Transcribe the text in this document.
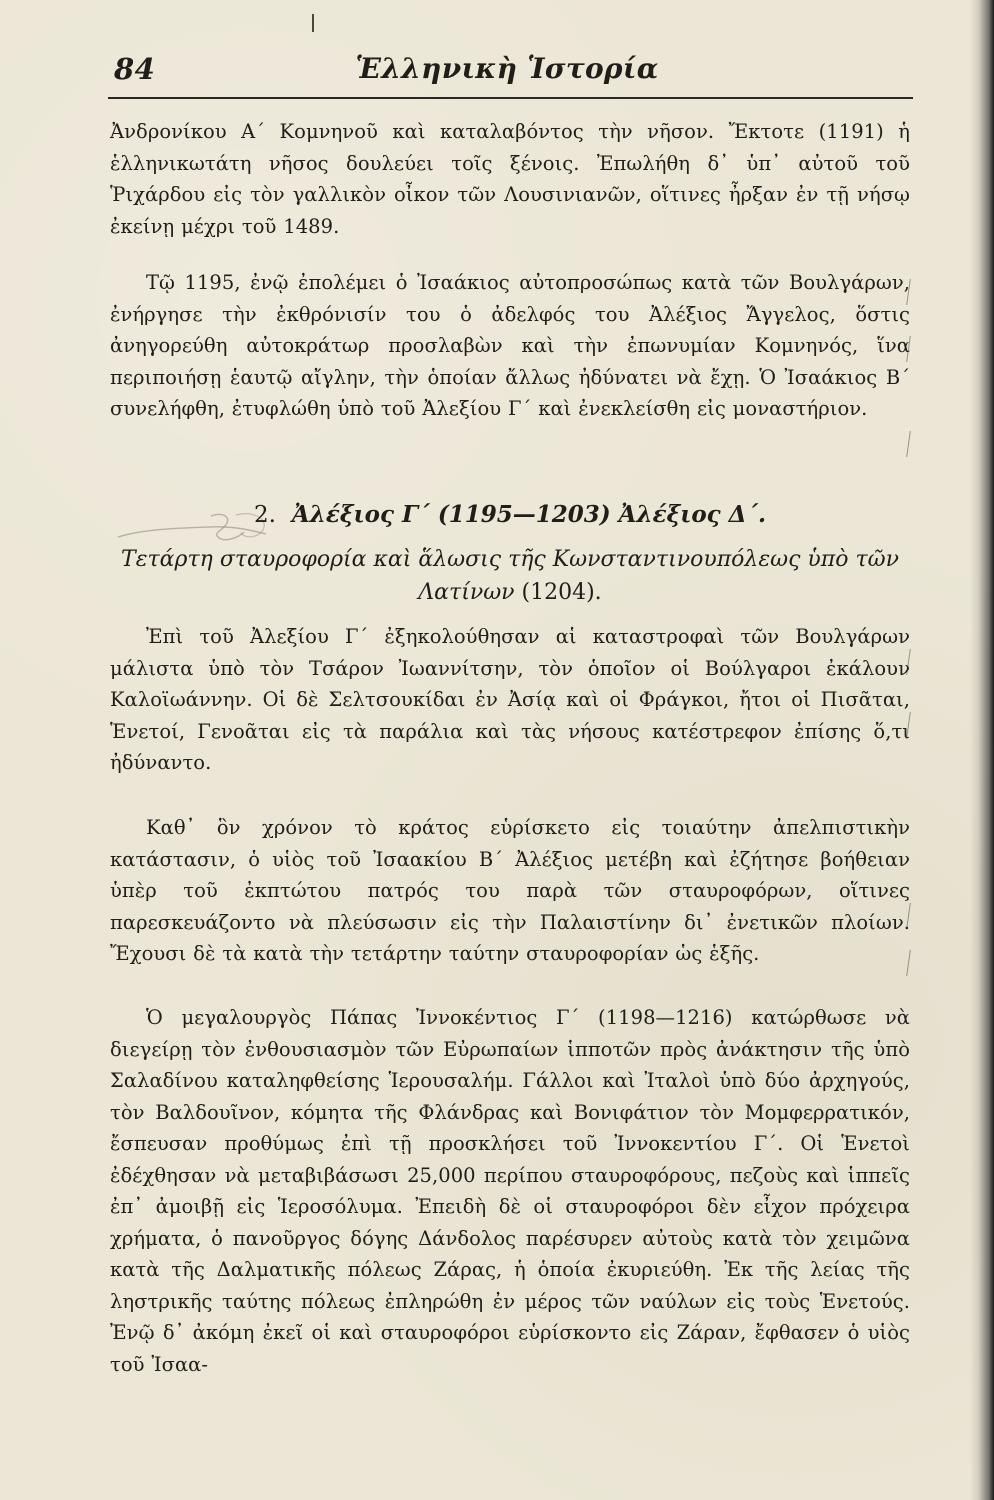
84	Ἑλληνικὴ Ἱστορία

Ἀνδρονίκου Α΄ Κομνηνοῦ καὶ καταλαβόντος τὴν νῆσον. Ἔκτοτε (1191) ἡ ἑλληνικωτάτη νῆσος δουλεύει τοῖς ξένοις. Ἐπωλήθη δ᾽ ὑπ᾽ αὐτοῦ τοῦ Ῥιχάρδου εἰς τὸν γαλλικὸν οἶκον τῶν Λουσινιανῶν, οἵτινες ἦρξαν ἐν τῇ νήσῳ ἐκείνῃ μέχρι τοῦ 1489.

Τῷ 1195, ἐνῷ ἐπολέμει ὁ Ἰσαάκιος αὐτοπροσώπως κατὰ τῶν Βουλγάρων, ἐνήργησε τὴν ἐκθρόνισίν του ὁ ἀδελφός του Ἀλέξιος Ἄγγελος, ὅστις ἀνηγορεύθη αὐτοκράτωρ προσλαβὼν καὶ τὴν ἐπωνυμίαν Κομνηνός, ἵνα περιποιήσῃ ἑαυτῷ αἴγλην, τὴν ὁποίαν ἄλλως ἠδύνατει νὰ ἔχῃ. Ὁ Ἰσαάκιος Β΄ συνελήφθη, ἐτυφλώθη ὑπὸ τοῦ Ἀλεξίου Γ΄ καὶ ἐνεκλείσθη εἰς μοναστήριον.

2. Ἀλέξιος Γ΄ (1195—1203) Ἀλέξιος Δ΄.
Τετάρτη σταυροφορία καὶ ἅλωσις τῆς Κωνσταντινουπόλεως ὑπὸ τῶν Λατίνων (1204).

Ἐπὶ τοῦ Ἀλεξίου Γ΄ ἐξηκολούθησαν αἱ καταστροφαὶ τῶν Βουλγάρων μάλιστα ὑπὸ τὸν Τσάρον Ἰωαννίτσην, τὸν ὁποῖον οἱ Βούλγαροι ἐκάλουν Καλοϊωάννην. Οἱ δὲ Σελτσουκίδαι ἐν Ἀσίᾳ καὶ οἱ Φράγκοι, ἤτοι οἱ Πισᾶται, Ἑνετοί, Γενοᾶται εἰς τὰ παράλια καὶ τὰς νήσους κατέστρεφον ἐπίσης ὅ,τι ἠδύναντο.

Καθ᾽ ὃν χρόνον τὸ κράτος εὑρίσκετο εἰς τοιαύτην ἀπελπιστικὴν κατάστασιν, ὁ υἱὸς τοῦ Ἰσαακίου Β΄ Ἀλέξιος μετέβη καὶ ἐζήτησε βοήθειαν ὑπὲρ τοῦ ἐκπτώτου πατρός του παρὰ τῶν σταυροφόρων, οἵτινες παρεσκευάζοντο νὰ πλεύσωσιν εἰς τὴν Παλαιστίνην δι᾽ ἐνετικῶν πλοίων. Ἔχουσι δὲ τὰ κατὰ τὴν τετάρτην ταύτην σταυροφορίαν ὡς ἑξῆς.

Ὁ μεγαλουργὸς Πάπας Ἰννοκέντιος Γ΄ (1198—1216) κατώρθωσε νὰ διεγείρῃ τὸν ἐνθουσιασμὸν τῶν Εὐρωπαίων ἱπποτῶν πρὸς ἀνάκτησιν τῆς ὑπὸ Σαλαδίνου καταληφθείσης Ἱερουσαλήμ. Γάλλοι καὶ Ἰταλοὶ ὑπὸ δύο ἀρχηγούς, τὸν Βαλδουῖνον, κόμητα τῆς Φλάνδρας καὶ Βονιφάτιον τὸν Μομφερρατικόν, ἔσπευσαν προθύμως ἐπὶ τῇ προσκλήσει τοῦ Ἰννοκεντίου Γ΄. Οἱ Ἑνετοὶ ἐδέχθησαν νὰ μεταβιβάσωσι 25,000 περίπου σταυροφόρους, πεζοὺς καὶ ἱππεῖς ἐπ᾽ ἀμοιβῇ εἰς Ἱεροσόλυμα. Ἐπειδὴ δὲ οἱ σταυροφόροι δὲν εἶχον πρόχειρα χρήματα, ὁ πανοῦργος δόγης Δάνδολος παρέσυρεν αὐτοὺς κατὰ τὸν χειμῶνα κατὰ τῆς Δαλματικῆς πόλεως Ζάρας, ἡ ὁποία ἐκυριεύθη. Ἐκ τῆς λείας τῆς ληστρικῆς ταύτης πόλεως ἐπληρώθη ἐν μέρος τῶν ναύλων εἰς τοὺς Ἑνετούς. Ἐνῷ δ᾽ ἀκόμη ἐκεῖ οἱ καὶ σταυροφόροι εὑρίσκοντο εἰς Ζάραν, ἔφθασεν ὁ υἱὸς τοῦ Ἰσαα-
